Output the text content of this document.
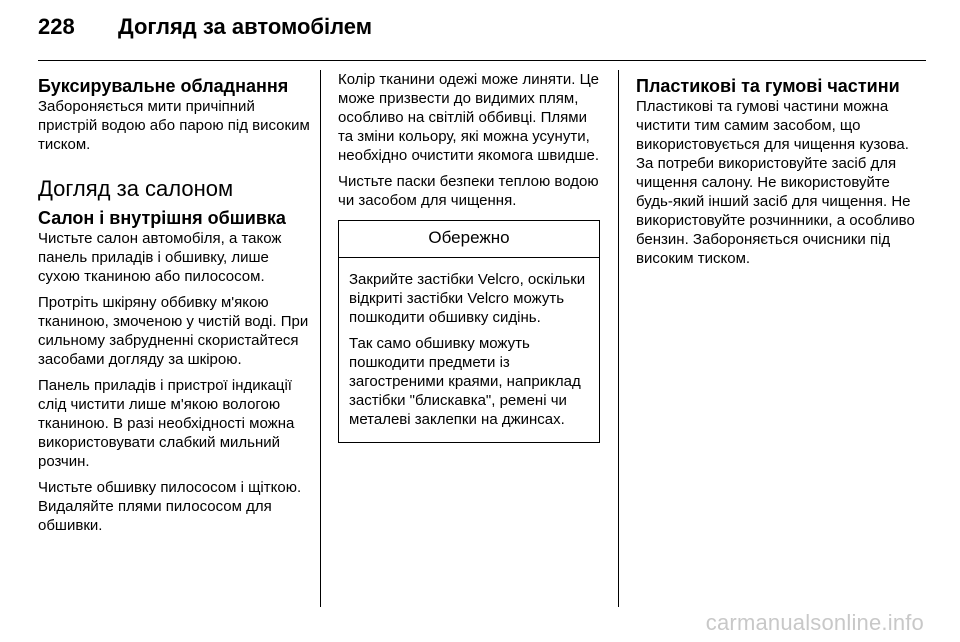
228	Догляд за автомобілем
Буксирувальне обладнання

Забороняється мити причіпний пристрій водою або парою під високим тиском.

Догляд за салоном
Салон і внутрішня обшивка

Чистьте салон автомобіля, а також панель приладів і обшивку, лише сухою тканиною або пилососом.

Протріть шкіряну оббивку м'якою тканиною, змоченою у чистій воді. При сильному забрудненні скористайтеся засобами догляду за шкірою.

Панель приладів і пристрої індикації слід чистити лише м'якою вологою тканиною. В разі необхідності можна використовувати слабкий мильний розчин.

Чистьте обшивку пилососом і щіткою. Видаляйте плями пилососом для обшивки.

Колір тканини одежі може линяти. Це може призвести до видимих плям, особливо на світлій оббивці. Плями та зміни кольору, які можна усунути, необхідно очистити якомога швидше.

Чистьте паски безпеки теплою водою чи засобом для чищення.

Обережно

Закрийте застібки Velcro, оскільки відкриті застібки Velcro можуть пошкодити обшивку сидінь.

Так само обшивку можуть пошкодити предмети із загостреними краями, наприклад застібки "блискавка", ремені чи металеві заклепки на джинсах.

Пластикові та гумові частини

Пластикові та гумові частини можна чистити тим самим засобом, що використовується для чищення кузова. За потреби використовуйте засіб для чищення салону. Не використовуйте будь-який інший засіб для чищення. Не використовуйте розчинники, а особливо бензин. Забороняється очисники під високим тиском.

carmanualsonline.info
